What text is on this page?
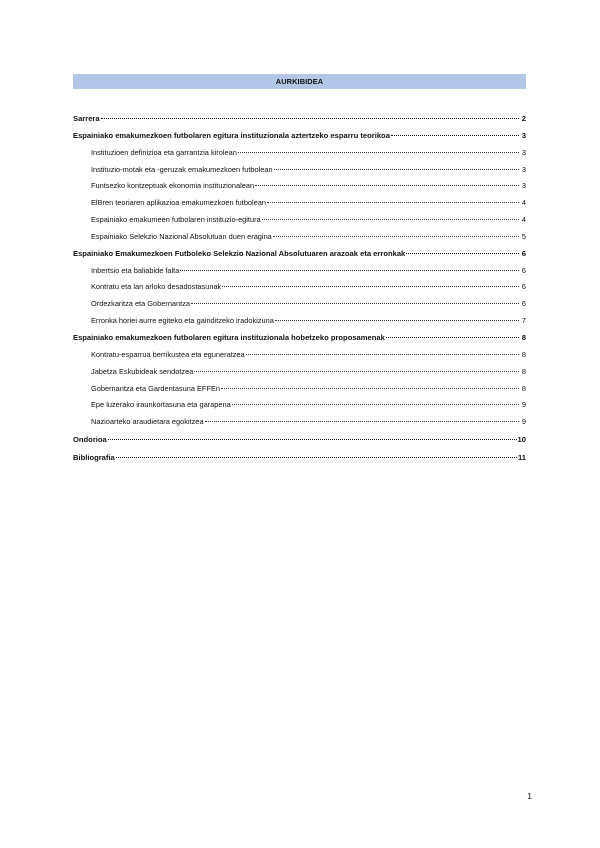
AURKIBIDEA
Sarrera	2
Espainiako emakumezkoen futbolaren egitura instituzionala aztertzeko esparru teorikoa	3
Instituzioen definizioa eta garrantzia kirolean	3
Instituzio-motak eta -geruzak emakumezkoen futbolean	3
Funtsezko kontzeptuak ekonomia instituzionalean	3
ElBren teoriaren aplikazioa emakumezkoen futbolean	4
Espainiako emakumeen futbolaren instituzio-egitura	4
Espainiako Selekzio Nazional Absolutuan duen eragina	5
Espainiako Emakumezkoen Futboleko Selekzio Nazional Absolutuaren arazoak eta erronkak	6
Inbertsio eta baliabide falta	6
Kontratu eta lan arloko desadostasunak	6
Ordezkaritza eta Gobernantza	6
Erronka horiei aurre egiteko eta gainditzeko iradokizuna	7
Espainiako emakumezkoen futbolaren egitura instituzionala hobetzeko proposamenak	8
Kontratu-esparrua berrikustea eta eguneratzea	8
Jabetza Eskubideak sendotzea	8
Gobernantza eta Gardentasuna EFFEn	8
Epe luzerako iraunkortasuna eta garapena	9
Nazioarteko araudietara egokitzea	9
Ondorioa	10
Bibliografia	11
1
